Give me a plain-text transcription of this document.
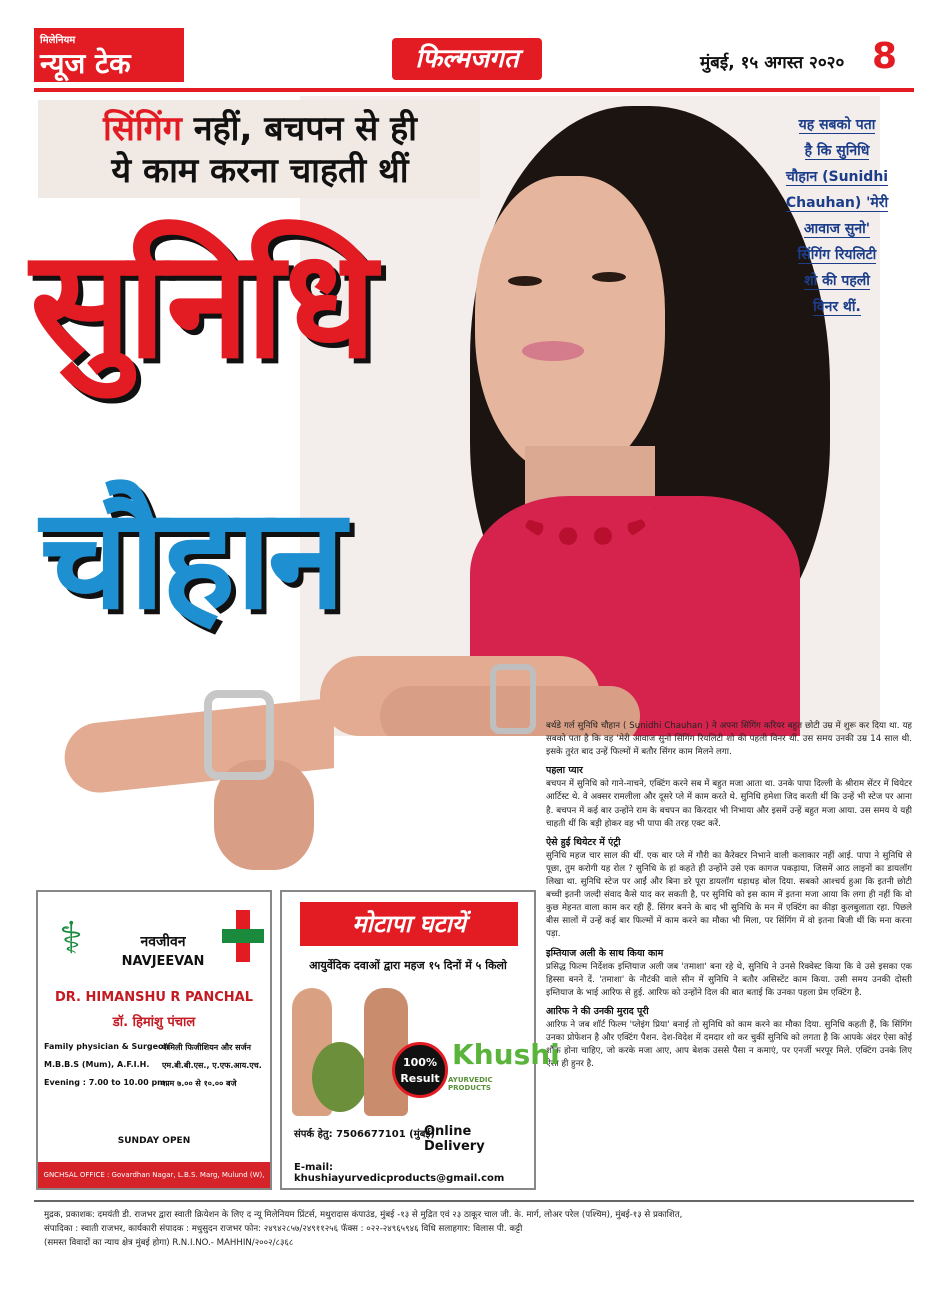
मिलेनियम
न्यूज टेक	फिल्मजगत	मुंबई, १५ अगस्त २०२० 8
सिंगिंग नहीं, बचपन से ही
ये काम करना चाहती थीं
सुनिधि
चौहान
यह सबको पता
है कि सुनिधि
चौहान (Sunidhi
Chauhan) 'मेरी
आवाज सुनो'
सिंगिंग रियलिटी
शो की पहली
विनर थीं.

बर्थडे गर्ल सुनिधि चौहान ( Sunidhi Chauhan ) ने अपना सिंगिंग करियर बहुत छोटी उम्र में शुरू कर दिया था. यह सबको पता है कि वह 'मेरी आवाज सुनो सिंगिंग रियलिटी शो की पहली विनर थीं. उस समय उनकी उम्र 14 साल थी. इसके तुरंत बाद उन्हें फिल्मों में बतौर सिंगर काम मिलने लगा.

पहला प्यार

बचपन में सुनिधि को गाने-नाचने, एक्टिंग करने सब में बहुत मजा आता था. उनके पापा दिल्ली के श्रीराम सेंटर में थियेटर आर्टिस्ट थे. वे अक्सर रामलीला और दूसरे प्ले में काम करते थे. सुनिधि हमेशा जिद करती थीं कि उन्हें भी स्टेज पर आना है. बचपन में कई बार उन्होंने राम के बचपन का किरदार भी निभाया और इसमें उन्हें बहुत मजा आया. उस समय ये यही चाहती थीं कि बड़ी होकर वह भी पापा की तरह एक्ट करें.

ऐसे हुई थियेटर में एंट्री

सुनिधि महज चार साल की थीं. एक बार प्ले में गौरी का कैरेक्टर निभाने वाली कलाकार नहीं आई. पापा ने सुनिधि से पूछा, तुम करोगी यह रोल ? सुनिधि के हां कहते ही उन्होंने उसे एक कागज पकड़ाया, जिसमें आठ लाइनों का डायलॉग लिखा था. सुनिधि स्टेज पर आईं और बिना डरे पूरा डायलॉग धड़ाधड़ बोल दिया. सबको आश्चर्य हुआ कि इतनी छोटी बच्ची इतनी जल्दी संवाद कैसे याद कर सकती है, पर सुनिधि को इस काम में इतना मजा आया कि लगा ही नहीं कि वो कुछ मेहनत वाला काम कर रही हैं. सिंगर बनने के बाद भी सुनिधि के मन में एक्टिंग का कीड़ा कुलबुलाता रहा. पिछले बीस सालों में उन्हें कई बार फिल्मों में काम करने का मौका भी मिला, पर सिंगिंग में वो इतना बिजी थीं कि मना करना पड़ा.

इम्तियाज अली के साथ किया काम

प्रसिद्ध फिल्म निर्देशक इम्तियाज अली जब 'तमाशा' बना रहे थे, सुनिधि ने उनसे रिक्वेस्ट किया कि वे उसे इसका एक हिस्सा बनने दें. 'तमाशा' के नौटंकी वाले सीन में सुनिधि ने बतौर असिस्टेंट काम किया. उसी समय उनकी दोस्ती इम्तियाज के भाई आरिफ से हुई. आरिफ को उन्होंने दिल की बात बताई कि उनका पहला प्रेम एक्टिंग है.

आरिफ ने की उनकी मुराद पूरी

आरिफ ने जब शॉर्ट फिल्म 'प्लेइंग प्रिया' बनाई तो सुनिधि को काम करने का मौका दिया. सुनिधि कहती हैं, कि सिंगिंग उनका प्रोफेशन है और एक्टिंग पैशन. देश-विदेश में दमदार शो कर चुकीं सुनिधि को लगता है कि आपके अंदर ऐसा कोई शौक होना चाहिए, जो करके मजा आए, आप बेशक उससे पैसा न कमाएं, पर एनर्जी भरपूर मिले. एक्टिंग उनके लिए ऐसा ही हुनर है.

⚕	नवजीवन
NAVJEEVAN
DR. HIMANSHU R PANCHAL
डॉ. हिमांशु पंचाल
Family physician & Surgeon
M.B.B.S (Mum), A.F.I.H.
Evening : 7.00 to 10.00 pm.
फॅमिली फिजीशियन और सर्जन
एम.बी.बी.एस., ए.एफ.आय.एच.
शाम ७.०० से १०.०० बजे
SUNDAY OPEN
GNCHSAL OFFICE : Govardhan Nagar, L.B.S. Marg, Mulund (W),
मोटापा घटायें
आयुर्वेदिक दवाओं द्वारा महज १५ दिनों में ५ किलो
100%
Result
Khushi
AYURVEDIC PRODUCTS
Online Delivery
संपर्क हेतु: 7506677101 (मुंबई)
E-mail: khushiayurvedicproducts@gmail.com
मुद्रक, प्रकाशक: दमयंती डी. राजभर द्वारा स्वाती क्रियेशन के लिए द न्यू मिलेनियम प्रिंटर्स, मथुरादास कंपाउंड, मुंबई -१३ से मुद्रित एवं २३ ठाकूर चाल जी. के. मार्ग, लोअर परेल (पश्चिम), मुंबई-१३ से प्रकाशित,
संपादिका : स्वाती राजभर, कार्यकारी संपादक : मधुसुदन राजभर फोन: २४९४२८५७/२४९११२५६ फॅक्स : ०२२-२४९६५९४६ विधि सलाहगार: विलास पी. कट्टी
(समस्त विवादों का न्याय क्षेत्र मुंबई होगा) R.N.I.NO.- MAHHIN/२००२/८३६८
